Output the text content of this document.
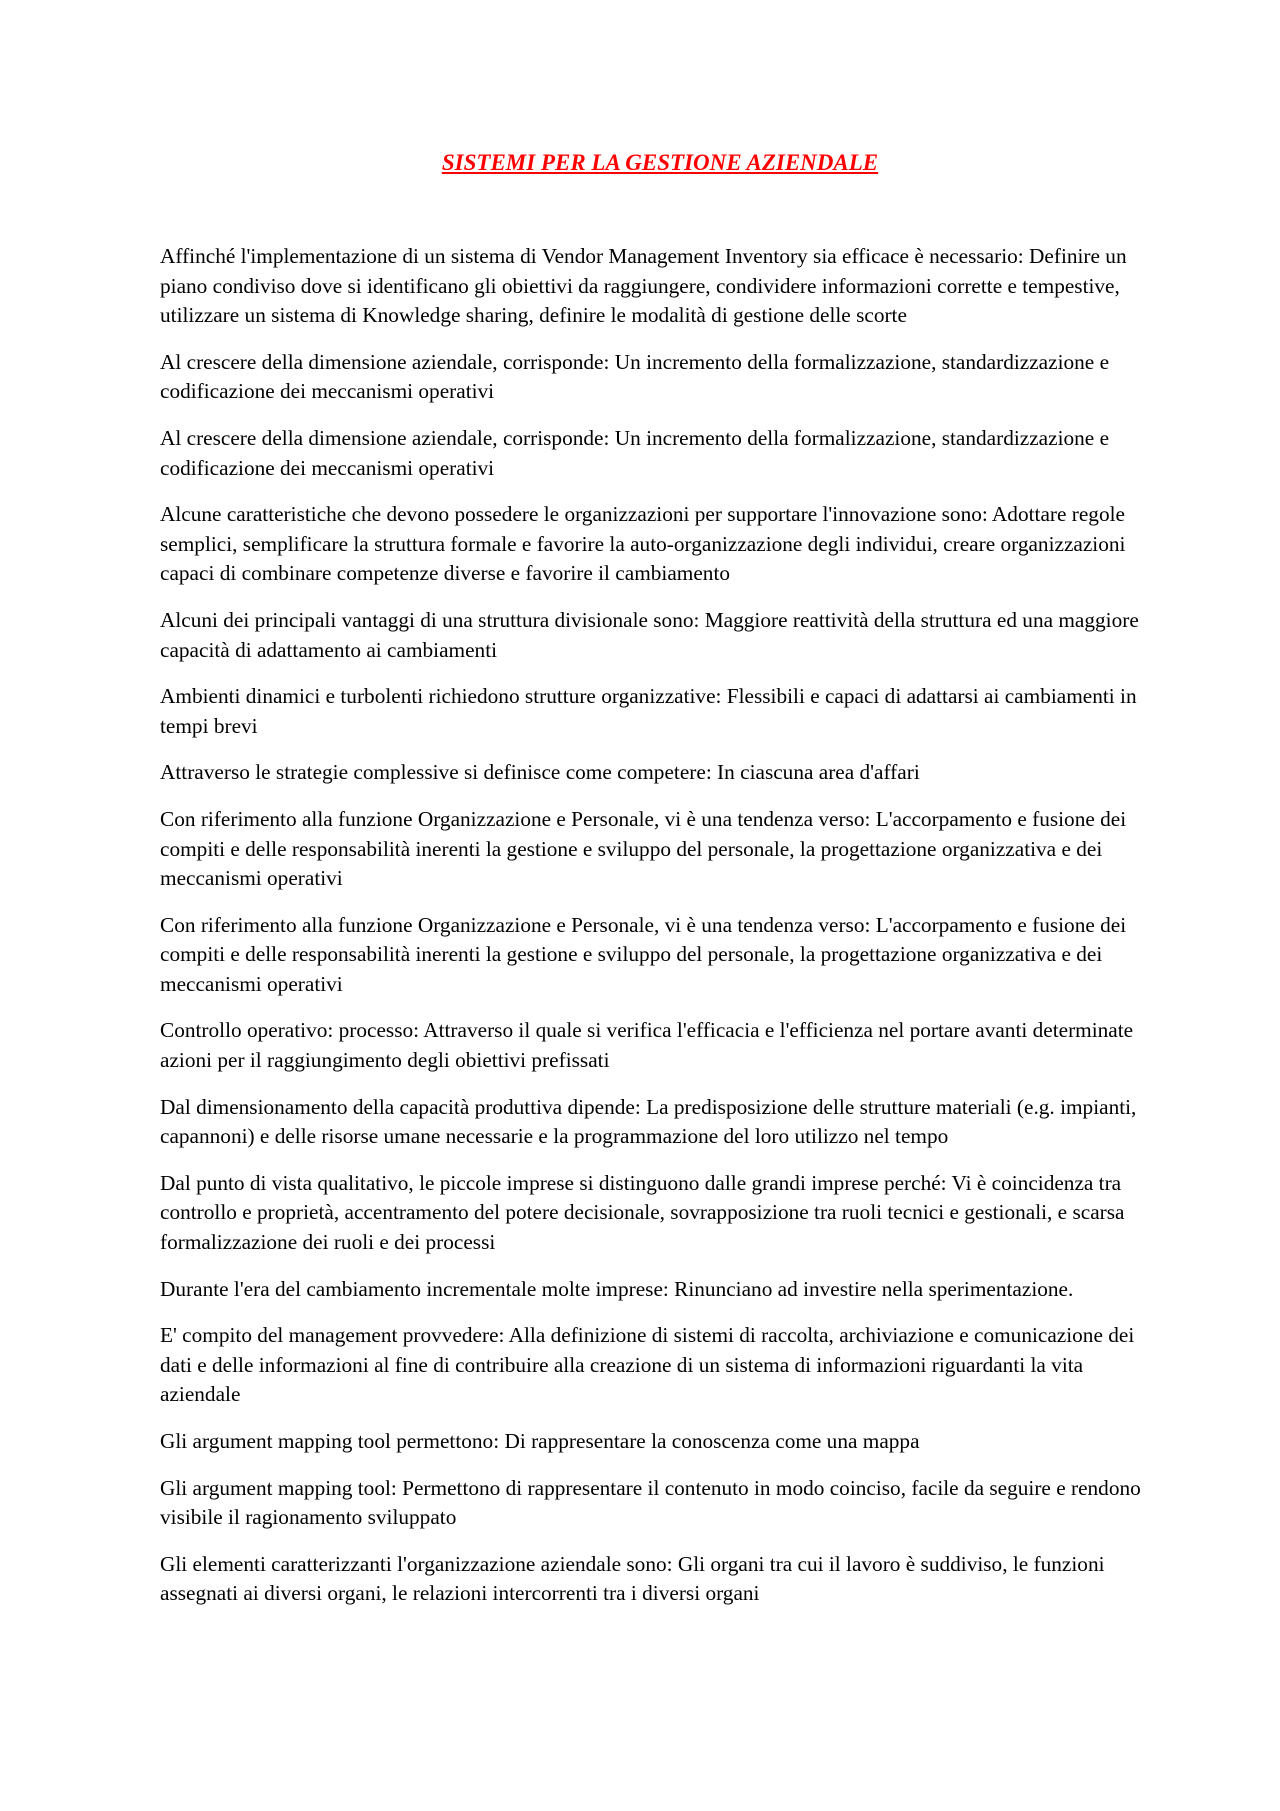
SISTEMI PER LA GESTIONE AZIENDALE

Affinché l'implementazione di un sistema di Vendor Management Inventory sia efficace è necessario: Definire un piano condiviso dove si identificano gli obiettivi da raggiungere, condividere informazioni corrette e tempestive, utilizzare un sistema di Knowledge sharing, definire le modalità di gestione delle scorte

Al crescere della dimensione aziendale, corrisponde: Un incremento della formalizzazione, standardizzazione e codificazione dei meccanismi operativi

Al crescere della dimensione aziendale, corrisponde: Un incremento della formalizzazione, standardizzazione e codificazione dei meccanismi operativi

Alcune caratteristiche che devono possedere le organizzazioni per supportare l'innovazione sono: Adottare regole semplici, semplificare la struttura formale e favorire la auto-organizzazione degli individui, creare organizzazioni capaci di combinare competenze diverse e favorire il cambiamento

Alcuni dei principali vantaggi di una struttura divisionale sono: Maggiore reattività della struttura ed una maggiore capacità di adattamento ai cambiamenti

Ambienti dinamici e turbolenti richiedono strutture organizzative: Flessibili e capaci di adattarsi ai cambiamenti in tempi brevi

Attraverso le strategie complessive si definisce come competere: In ciascuna area d'affari

Con riferimento alla funzione Organizzazione e Personale, vi è una tendenza verso: L'accorpamento e fusione dei compiti e delle responsabilità inerenti la gestione e sviluppo del personale, la progettazione organizzativa e dei meccanismi operativi

Con riferimento alla funzione Organizzazione e Personale, vi è una tendenza verso: L'accorpamento e fusione dei compiti e delle responsabilità inerenti la gestione e sviluppo del personale, la progettazione organizzativa e dei meccanismi operativi

Controllo operativo: processo: Attraverso il quale si verifica l'efficacia e l'efficienza nel portare avanti determinate azioni per il raggiungimento degli obiettivi prefissati

Dal dimensionamento della capacità produttiva dipende: La predisposizione delle strutture materiali (e.g. impianti, capannoni) e delle risorse umane necessarie e la programmazione del loro utilizzo nel tempo

Dal punto di vista qualitativo, le piccole imprese si distinguono dalle grandi imprese perché: Vi è coincidenza tra controllo e proprietà, accentramento del potere decisionale, sovrapposizione tra ruoli tecnici e gestionali, e scarsa formalizzazione dei ruoli e dei processi

Durante l'era del cambiamento incrementale molte imprese: Rinunciano ad investire nella sperimentazione.

E' compito del management provvedere: Alla definizione di sistemi di raccolta, archiviazione e comunicazione dei dati e delle informazioni al fine di contribuire alla creazione di un sistema di informazioni riguardanti la vita aziendale

Gli argument mapping tool permettono: Di rappresentare la conoscenza come una mappa

Gli argument mapping tool: Permettono di rappresentare il contenuto in modo coinciso, facile da seguire e rendono visibile il ragionamento sviluppato

Gli elementi caratterizzanti l'organizzazione aziendale sono: Gli organi tra cui il lavoro è suddiviso, le funzioni assegnati ai diversi organi, le relazioni intercorrenti tra i diversi organi
